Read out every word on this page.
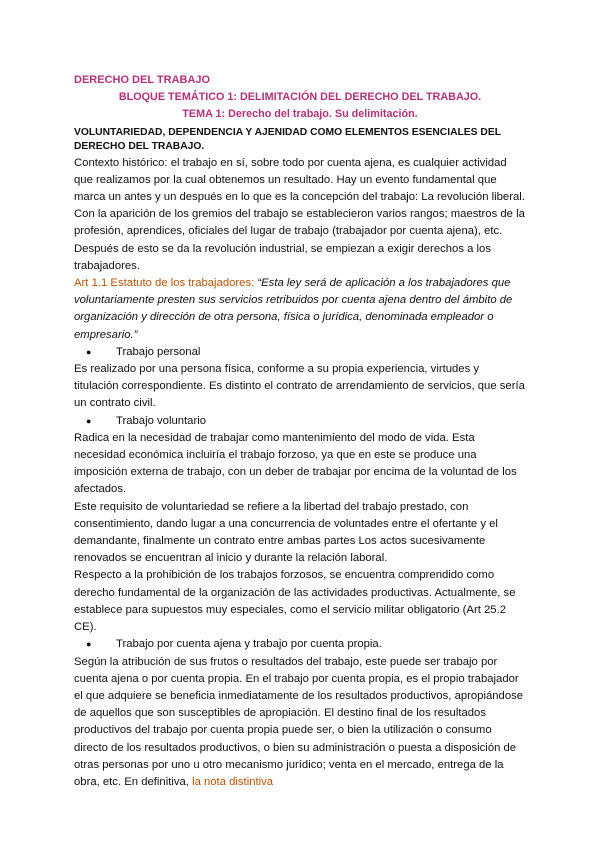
DERECHO DEL TRABAJO
BLOQUE TEMÁTICO 1: DELIMITACIÓN DEL DERECHO DEL TRABAJO.
TEMA 1: Derecho del trabajo. Su delimitación.
VOLUNTARIEDAD, DEPENDENCIA Y AJENIDAD COMO ELEMENTOS ESENCIALES DEL DERECHO DEL TRABAJO.

Contexto histórico: el trabajo en sí, sobre todo por cuenta ajena, es cualquier actividad que realizamos por la cual obtenemos un resultado. Hay un evento fundamental que marca un antes y un después en lo que es la concepción del trabajo: La revolución liberal.

Con la aparición de los gremios del trabajo se establecieron varios rangos; maestros de la profesión, aprendices, oficiales del lugar de trabajo (trabajador por cuenta ajena), etc. Después de esto se da la revolución industrial, se empiezan a exigir derechos a los trabajadores.

Art 1.1 Estatuto de los trabajadores: “Esta ley será de aplicación a los trabajadores que voluntariamente presten sus servicios retribuidos por cuenta ajena dentro del ámbito de organización y dirección de otra persona, física o jurídica, denominada empleador o empresario.”

●	Trabajo personal

Es realizado por una persona física, conforme a su propia experiencia, virtudes y titulación correspondiente. Es distinto el contrato de arrendamiento de servicios, que sería un contrato civil.

●	Trabajo voluntario

Radica en la necesidad de trabajar como mantenimiento del modo de vida. Esta necesidad económica incluiría el trabajo forzoso, ya que en este se produce una imposición externa de trabajo, con un deber de trabajar por encima de la voluntad de los afectados.

Este requisito de voluntariedad se refiere a la libertad del trabajo prestado, con consentimiento, dando lugar a una concurrencia de voluntades entre el ofertante y el demandante, finalmente un contrato entre ambas partes Los actos sucesivamente renovados se encuentran al inicio y durante la relación laboral.

Respecto a la prohibición de los trabajos forzosos, se encuentra comprendido como derecho fundamental de la organización de las actividades productivas. Actualmente, se establece para supuestos muy especiales, como el servicio militar obligatorio (Art 25.2 CE).

●	Trabajo por cuenta ajena y trabajo por cuenta propia.

Según la atribución de sus frutos o resultados del trabajo, este puede ser trabajo por cuenta ajena o por cuenta propia. En el trabajo por cuenta propia, es el propio trabajador el que adquiere se beneficia inmediatamente de los resultados productivos, apropiándose de aquellos que son susceptibles de apropiación. El destino final de los resultados productivos del trabajo por cuenta propia puede ser, o bien la utilización o consumo directo de los resultados productivos, o bien su administración o puesta a disposición de otras personas por uno u otro mecanismo jurídico; venta en el mercado, entrega de la obra, etc. En definitiva, la nota distintiva
